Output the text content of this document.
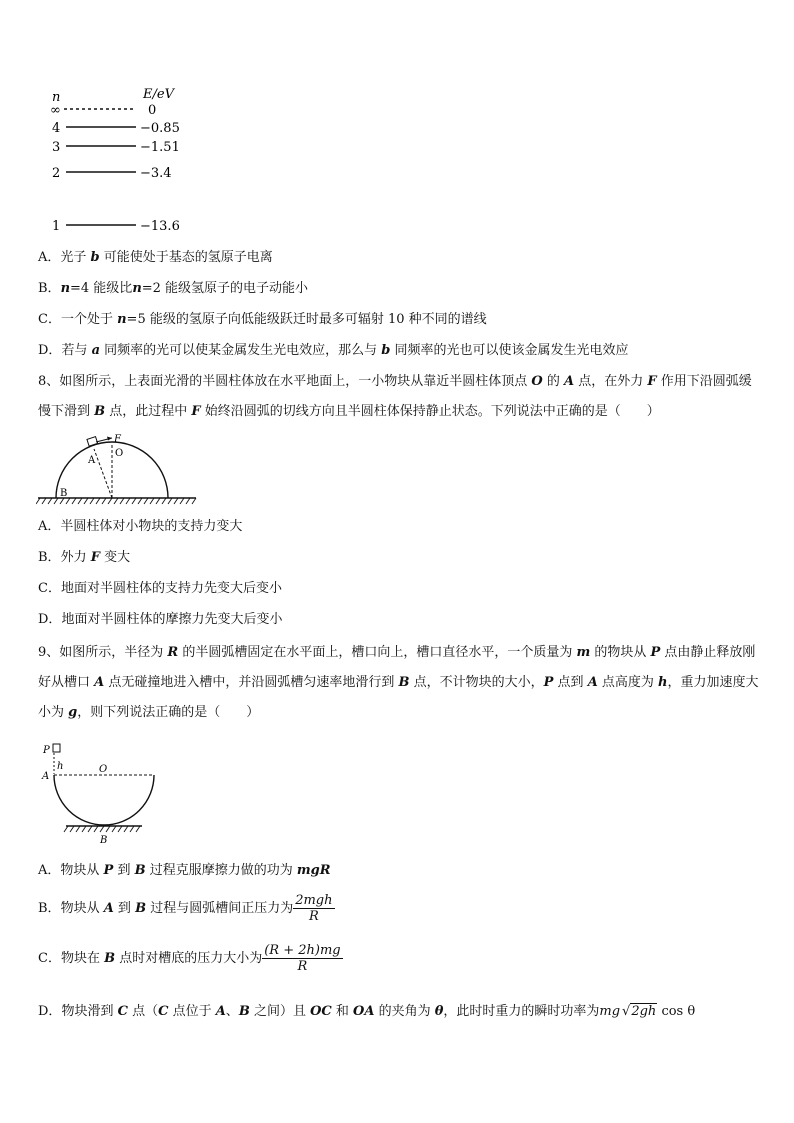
n	E/eV
∞	0
4	−0.85
3	−1.51
2	−3.4
1	−13.6
A．光子 b 可能使处于基态的氢原子电离
B．n=4 能级比n=2 能级氢原子的电子动能小
C．一个处于 n=5 能级的氢原子向低能级跃迁时最多可辐射 10 种不同的谱线
D．若与 a 同频率的光可以使某金属发生光电效应，那么与 b 同频率的光也可以使该金属发生光电效应
8、如图所示，上表面光滑的半圆柱体放在水平地面上，一小物块从靠近半圆柱体顶点 O 的 A 点，在外力 F 作用下沿圆弧缓慢下滑到 B 点，此过程中 F 始终沿圆弧的切线方向且半圆柱体保持静止状态。下列说法中正确的是（　　）
A
O
F
B
A．半圆柱体对小物块的支持力变大
B．外力 F 变大
C．地面对半圆柱体的支持力先变大后变小
D．地面对半圆柱体的摩擦力先变大后变小
9、如图所示，半径为 R 的半圆弧槽固定在水平面上，槽口向上，槽口直径水平，一个质量为 m 的物块从 P 点由静止释放刚好从槽口 A 点无碰撞地进入槽中，并沿圆弧槽匀速率地滑行到 B 点，不计物块的大小，P 点到 A 点高度为 h，重力加速度大小为 g，则下列说法正确的是（　　）
P
h
A
O
B
A．物块从 P 到 B 过程克服摩擦力做的功为 mgR
B．物块从 A 到 B 过程与圆弧槽间正压力为 $\frac{\text{2mgh}}{R}$
C．物块在 B 点时对槽底的压力大小为 $\frac{(R + 2h)mg}{R}$
D．物块滑到 C 点（C 点位于 A、B 之间）且 OC 和 OA 的夹角为 θ，此时时重力的瞬时功率为mg √2gh cos θ
